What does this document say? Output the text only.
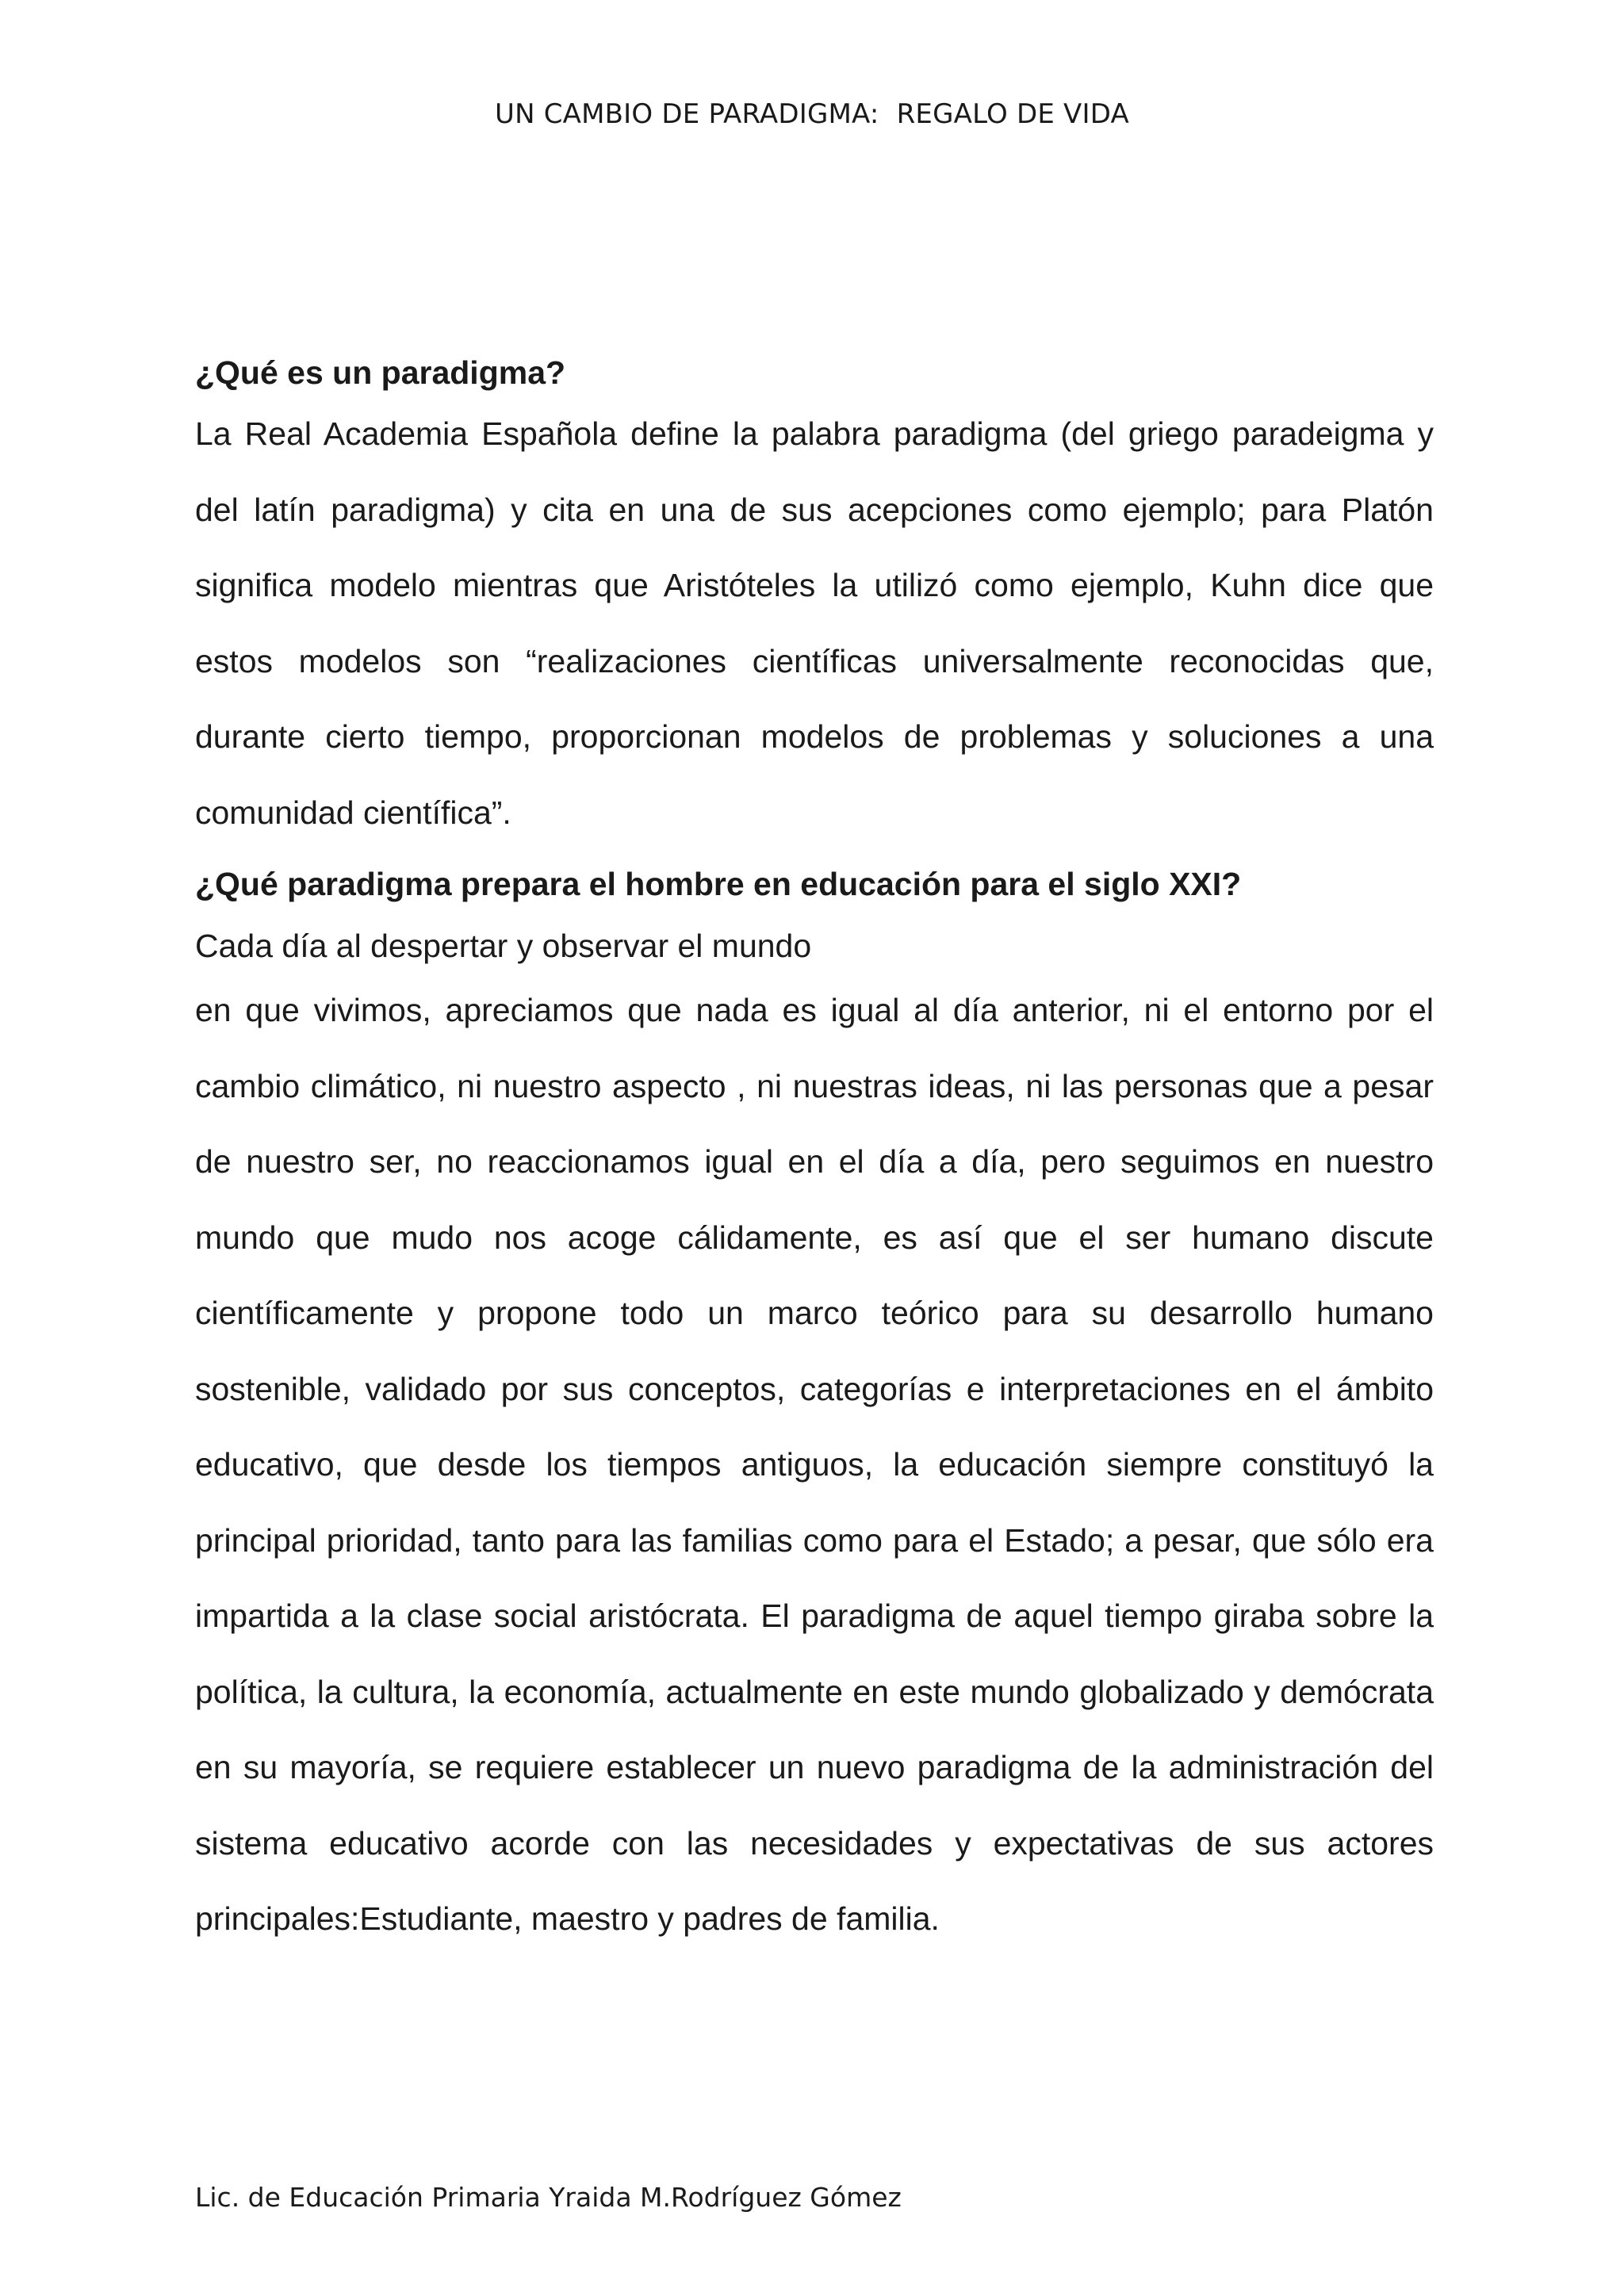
UN CAMBIO DE PARADIGMA:  REGALO DE VIDA
¿Qué es un paradigma?

La Real Academia Española define la palabra paradigma (del griego paradeigma y del latín paradigma) y cita en una de sus acepciones como ejemplo; para Platón significa modelo mientras que Aristóteles la utilizó como ejemplo, Kuhn dice que estos modelos son “realizaciones científicas universalmente reconocidas que, durante cierto tiempo, proporcionan modelos de problemas y soluciones a una comunidad científica”.

¿Qué paradigma prepara el hombre en educación para el siglo XXI?
Cada día al despertar y observar el mundo

en que vivimos, apreciamos que nada es igual al día anterior, ni el entorno por el cambio climático, ni nuestro aspecto , ni nuestras ideas, ni las personas que a pesar de nuestro ser, no reaccionamos igual en el día a día, pero seguimos en nuestro mundo que mudo nos acoge cálidamente, es así que el ser humano discute científicamente y propone todo un marco teórico para su desarrollo humano sostenible, validado por sus conceptos, categorías e interpretaciones en el ámbito educativo, que desde los tiempos antiguos, la educación siempre constituyó la principal prioridad, tanto para las familias como para el Estado; a pesar, que sólo era impartida a la clase social aristócrata. El paradigma de aquel tiempo giraba sobre la política, la cultura, la economía, actualmente en este mundo globalizado y demócrata en su mayoría, se requiere establecer un nuevo paradigma de la administración del sistema educativo acorde con las necesidades y expectativas de sus actores principales:Estudiante, maestro y padres de familia.

Lic. de Educación Primaria Yraida M.Rodríguez Gómez
